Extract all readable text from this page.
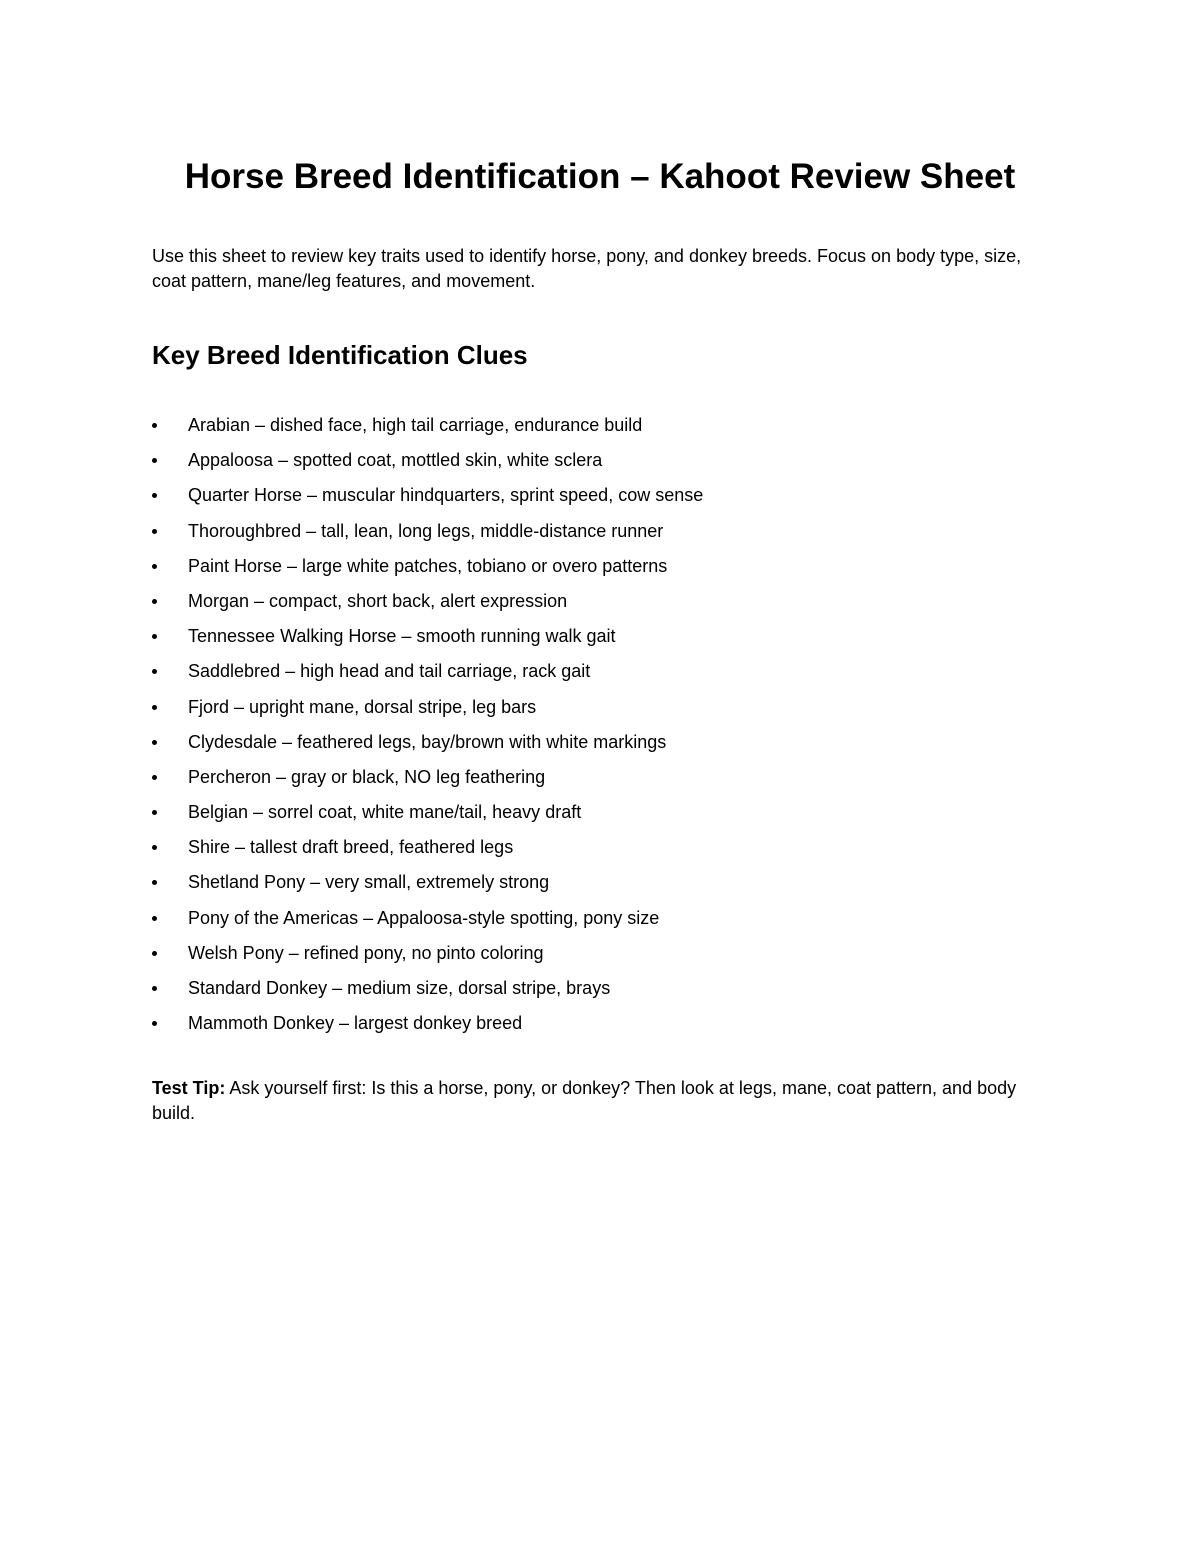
Horse Breed Identification – Kahoot Review Sheet

Use this sheet to review key traits used to identify horse, pony, and donkey breeds. Focus on body type, size, coat pattern, mane/leg features, and movement.

Key Breed Identification Clues
Arabian – dished face, high tail carriage, endurance build
Appaloosa – spotted coat, mottled skin, white sclera
Quarter Horse – muscular hindquarters, sprint speed, cow sense
Thoroughbred – tall, lean, long legs, middle-distance runner
Paint Horse – large white patches, tobiano or overo patterns
Morgan – compact, short back, alert expression
Tennessee Walking Horse – smooth running walk gait
Saddlebred – high head and tail carriage, rack gait
Fjord – upright mane, dorsal stripe, leg bars
Clydesdale – feathered legs, bay/brown with white markings
Percheron – gray or black, NO leg feathering
Belgian – sorrel coat, white mane/tail, heavy draft
Shire – tallest draft breed, feathered legs
Shetland Pony – very small, extremely strong
Pony of the Americas – Appaloosa-style spotting, pony size
Welsh Pony – refined pony, no pinto coloring
Standard Donkey – medium size, dorsal stripe, brays
Mammoth Donkey – largest donkey breed

Test Tip: Ask yourself first: Is this a horse, pony, or donkey? Then look at legs, mane, coat pattern, and body build.
